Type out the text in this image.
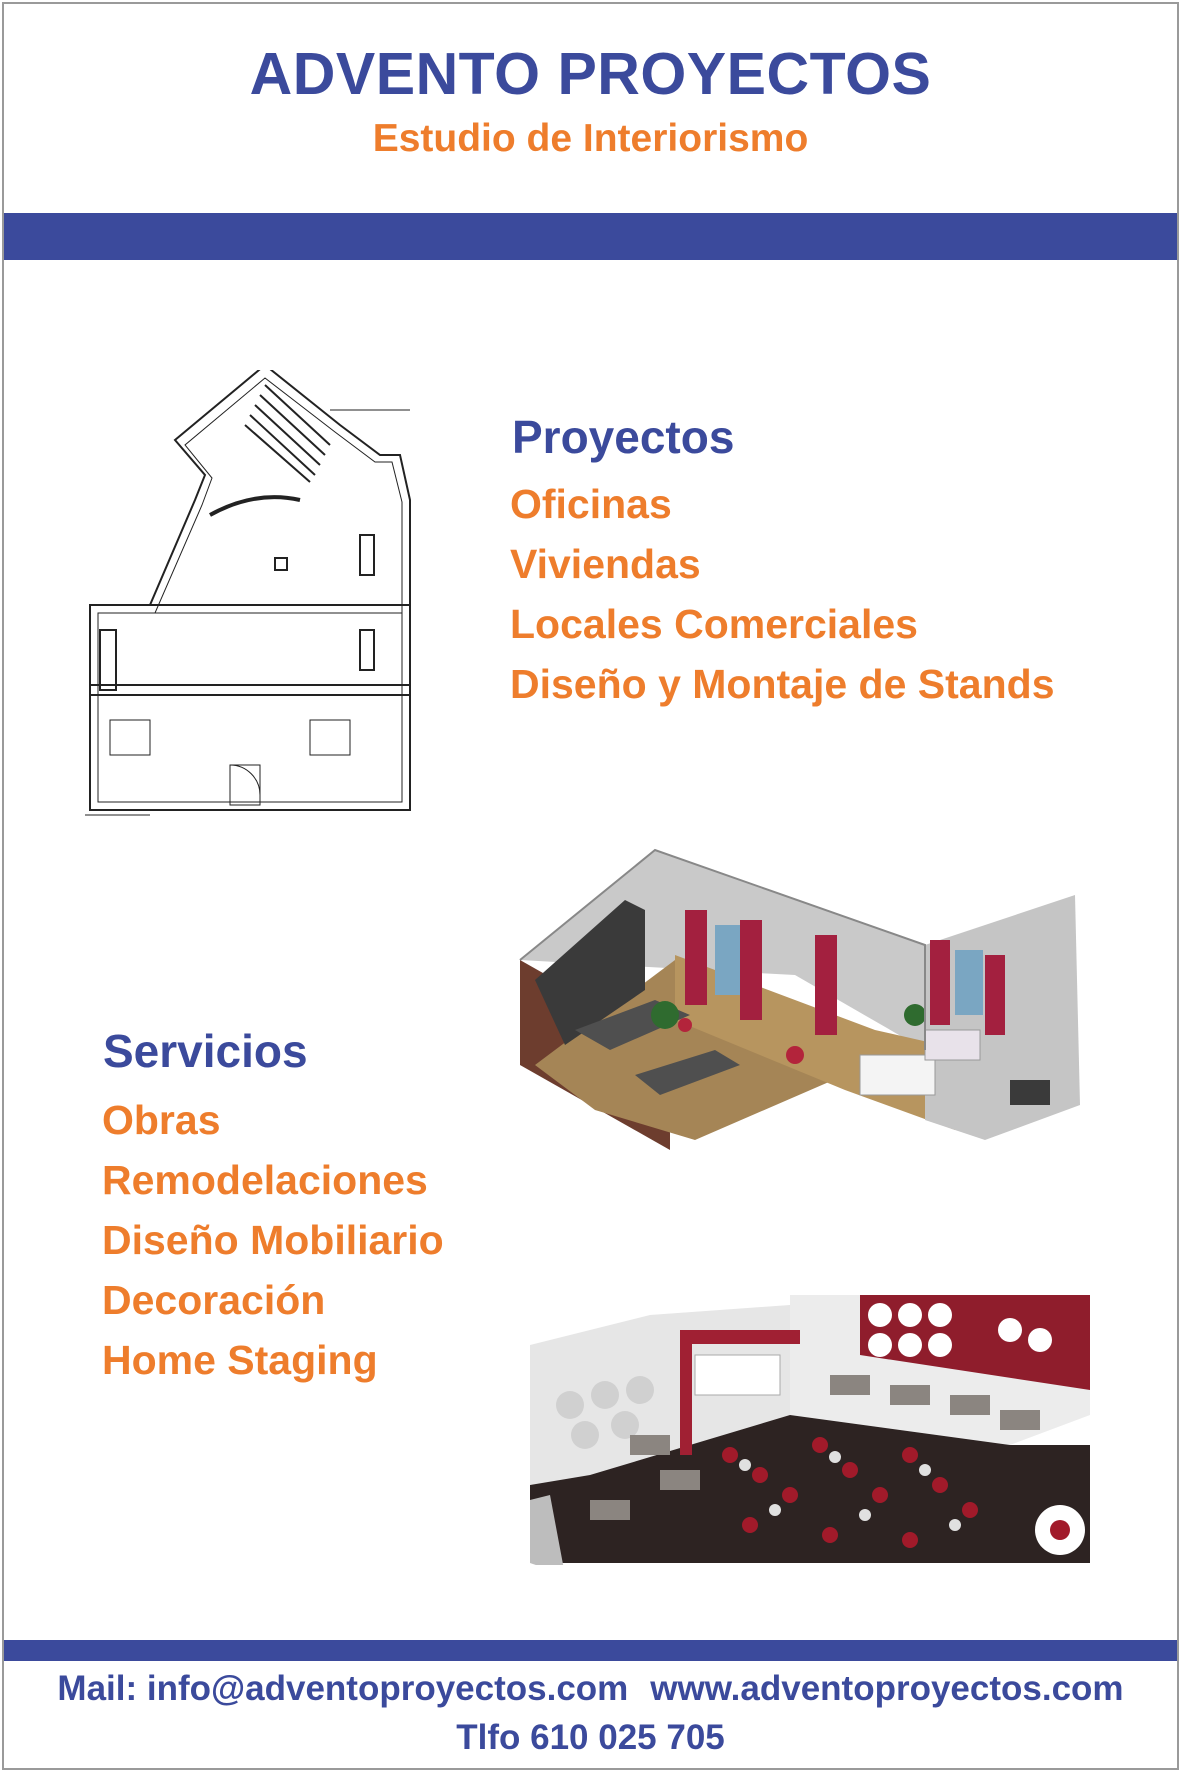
ADVENTO PROYECTOS

Estudio de Interiorismo

Proyectos
Oficinas
Viviendas
Locales Comerciales
Diseño y Montaje de Stands
Servicios
Obras
Remodelaciones
Diseño Mobiliario
Decoración
Home Staging

Mail: info@adventoproyectos.com www.adventoproyectos.com

Tlfo 610 025 705
